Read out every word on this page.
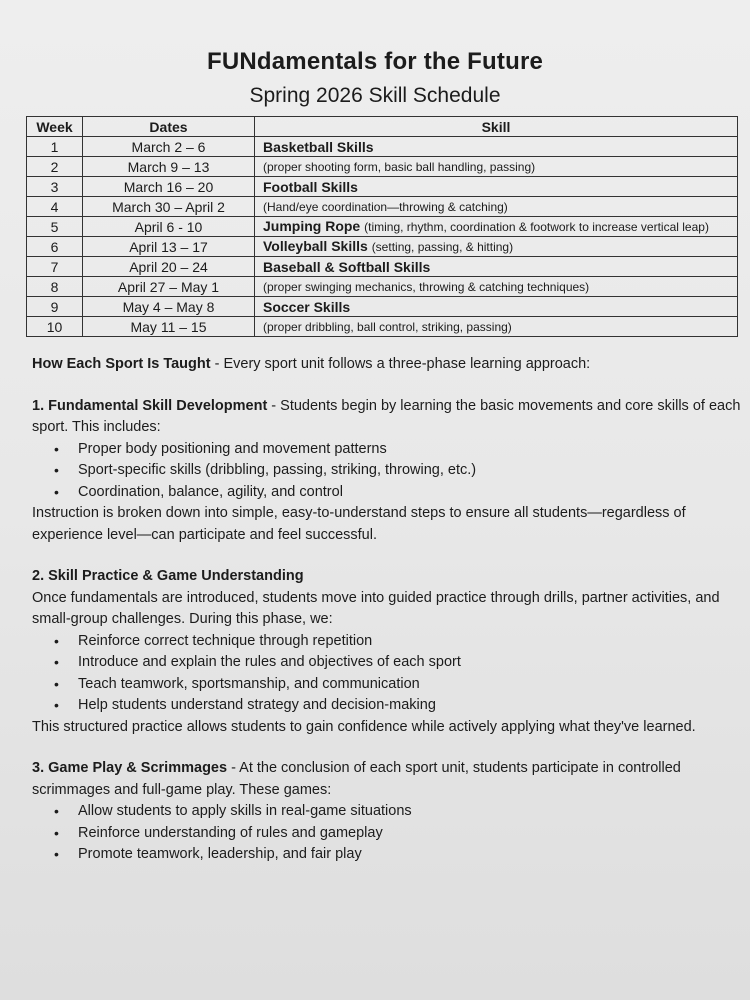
FUNdamentals for the Future
Spring 2026 Skill Schedule
Week	Dates	Skill
1	March 2 – 6	Basketball Skills
2	March 9 – 13	(proper shooting form, basic ball handling, passing)
3	March 16 – 20	Football Skills
4	March 30 – April 2	(Hand/eye coordination—throwing & catching)
5	April 6 - 10	Jumping Rope (timing, rhythm, coordination & footwork to increase vertical leap)
6	April 13 – 17	Volleyball Skills (setting, passing, & hitting)
7	April 20 – 24	Baseball & Softball Skills
8	April 27 – May 1	(proper swinging mechanics, throwing & catching techniques)
9	May 4 – May 8	Soccer Skills
10	May 11 – 15	(proper dribbling, ball control, striking, passing)

How Each Sport Is Taught - Every sport unit follows a three-phase learning approach:

1. Fundamental Skill Development - Students begin by learning the basic movements and core skills of each sport. This includes:

• Proper body positioning and movement patterns
• Sport-specific skills (dribbling, passing, striking, throwing, etc.)
• Coordination, balance, agility, and control

Instruction is broken down into simple, easy-to-understand steps to ensure all students—regardless of experience level—can participate and feel successful.

2. Skill Practice & Game Understanding

Once fundamentals are introduced, students move into guided practice through drills, partner activities, and small-group challenges. During this phase, we:

• Reinforce correct technique through repetition
• Introduce and explain the rules and objectives of each sport
• Teach teamwork, sportsmanship, and communication
• Help students understand strategy and decision-making

This structured practice allows students to gain confidence while actively applying what they've learned.

3. Game Play & Scrimmages - At the conclusion of each sport unit, students participate in controlled scrimmages and full-game play. These games:

• Allow students to apply skills in real-game situations
• Reinforce understanding of rules and gameplay
• Promote teamwork, leadership, and fair play
